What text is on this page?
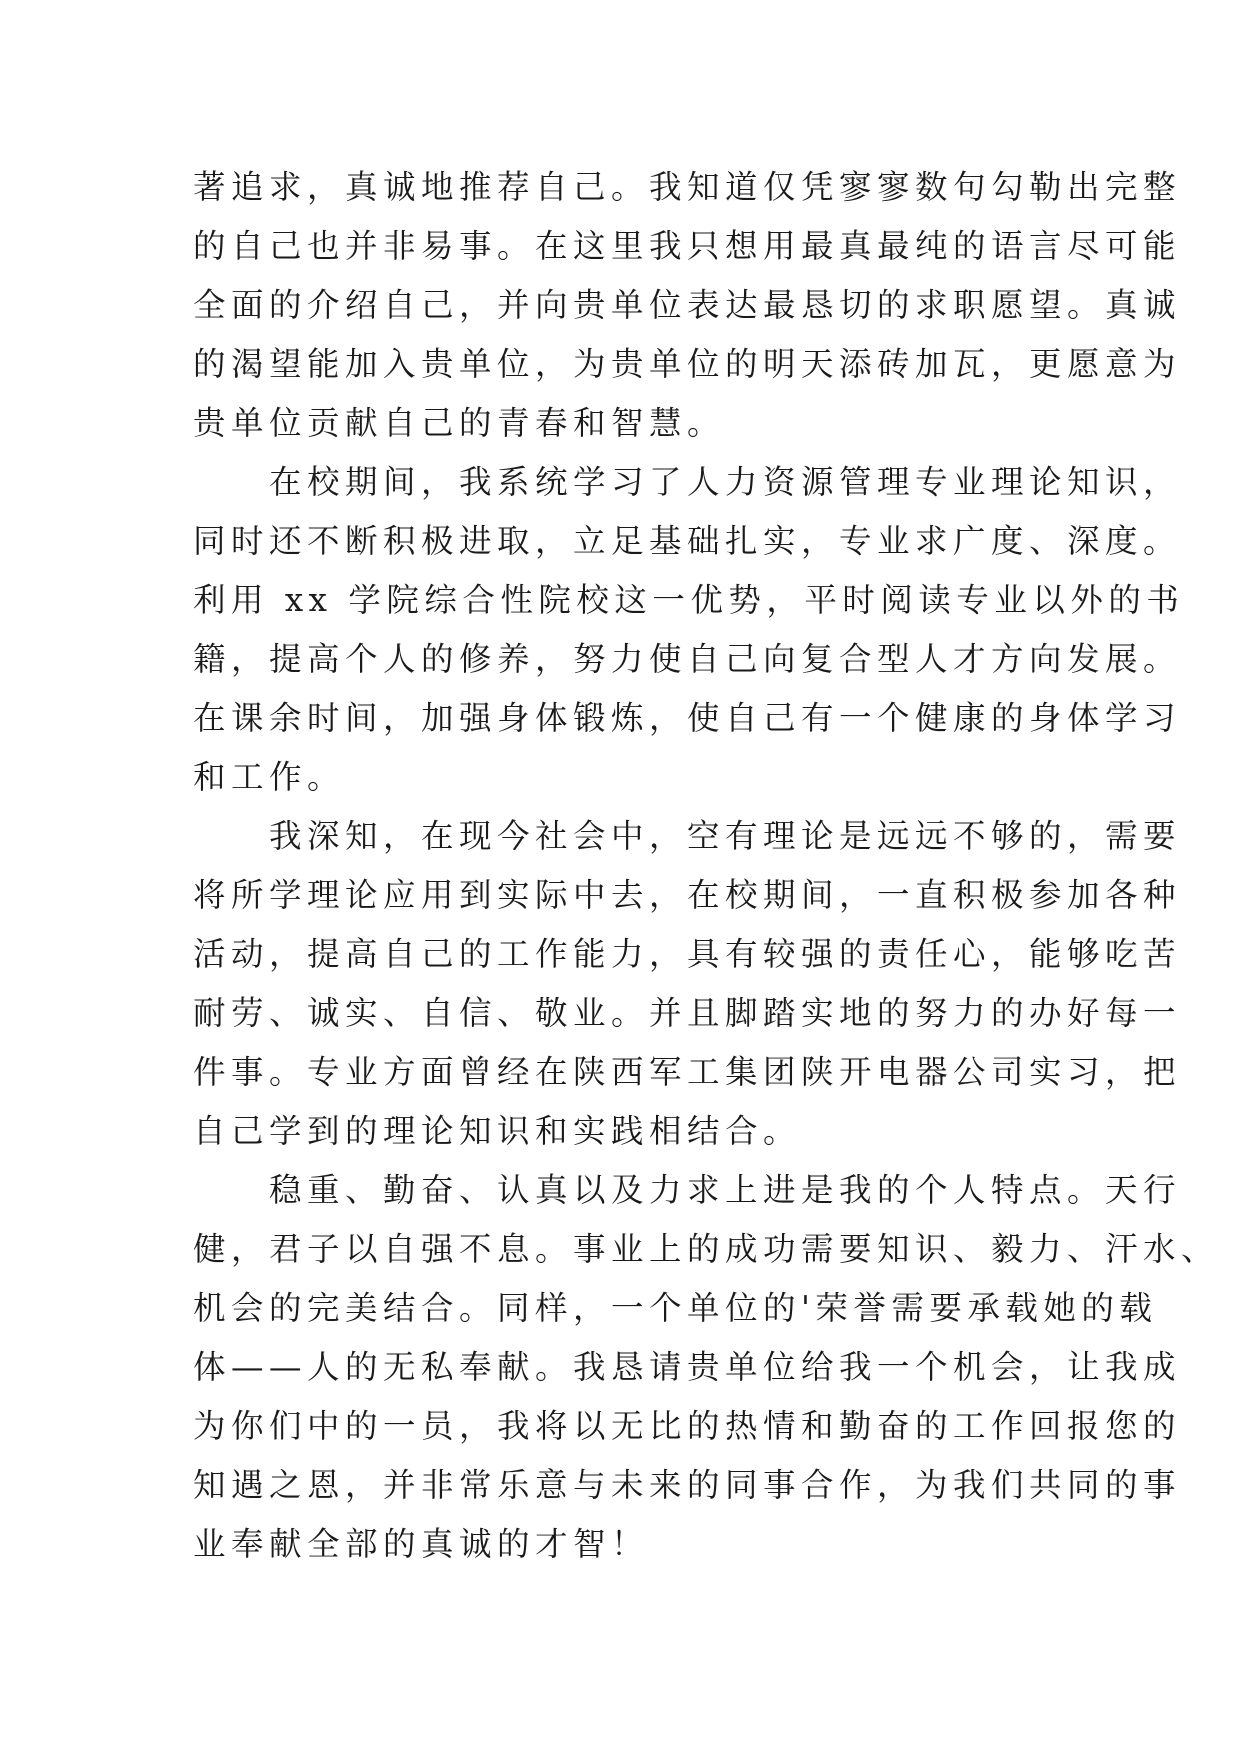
著追求，真诚地推荐自己。我知道仅凭寥寥数句勾勒出完整
的自己也并非易事。在这里我只想用最真最纯的语言尽可能
全面的介绍自己，并向贵单位表达最恳切的求职愿望。真诚
的渴望能加入贵单位，为贵单位的明天添砖加瓦，更愿意为
贵单位贡献自己的青春和智慧。
　　在校期间，我系统学习了人力资源管理专业理论知识，
同时还不断积极进取，立足基础扎实，专业求广度、深度。
利用 xx 学院综合性院校这一优势，平时阅读专业以外的书
籍，提高个人的修养，努力使自己向复合型人才方向发展。
在课余时间，加强身体锻炼，使自己有一个健康的身体学习
和工作。
　　我深知，在现今社会中，空有理论是远远不够的，需要
将所学理论应用到实际中去，在校期间，一直积极参加各种
活动，提高自己的工作能力，具有较强的责任心，能够吃苦
耐劳、诚实、自信、敬业。并且脚踏实地的努力的办好每一
件事。专业方面曾经在陕西军工集团陕开电器公司实习，把
自己学到的理论知识和实践相结合。
　　稳重、勤奋、认真以及力求上进是我的个人特点。天行
健，君子以自强不息。事业上的成功需要知识、毅力、汗水、
机会的完美结合。同样，一个单位的'荣誉需要承载她的载
体——人的无私奉献。我恳请贵单位给我一个机会，让我成
为你们中的一员，我将以无比的热情和勤奋的工作回报您的
知遇之恩，并非常乐意与未来的同事合作，为我们共同的事
业奉献全部的真诚的才智！
